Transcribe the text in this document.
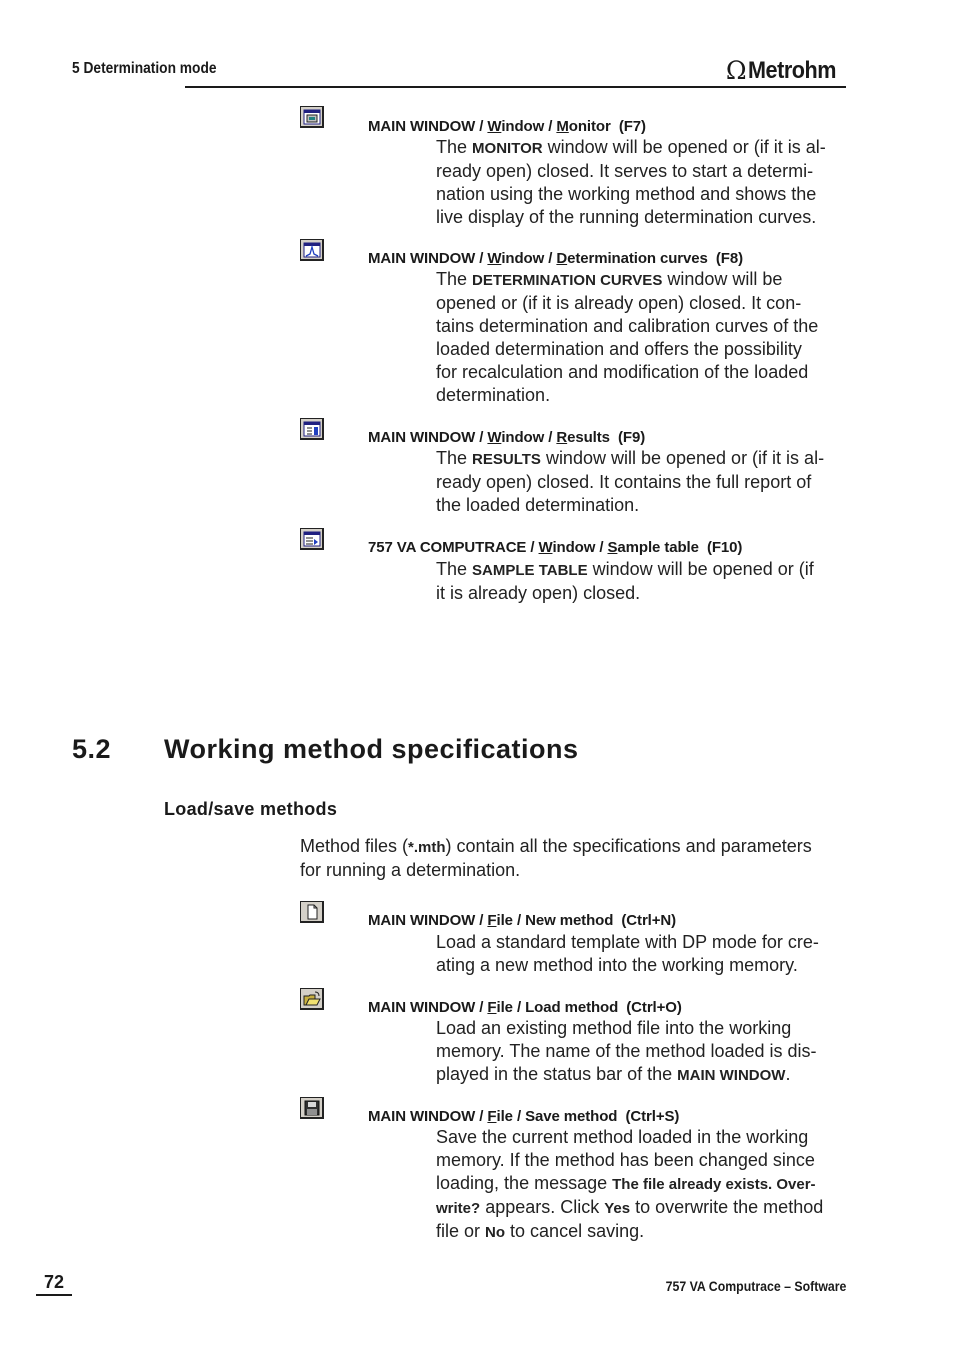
5 Determination mode	Ω Metrohm
MAIN WINDOW / Window / Monitor  (F7)
The MONITOR window will be opened or (if it is al-
ready open) closed. It serves to start a determi-
nation using the working method and shows the
live display of the running determination curves.
MAIN WINDOW / Window / Determination curves  (F8)
The DETERMINATION CURVES window will be
opened or (if it is already open) closed. It con-
tains determination and calibration curves of the
loaded determination and offers the possibility
for recalculation and modification of the loaded
determination.
MAIN WINDOW / Window / Results  (F9)
The RESULTS window will be opened or (if it is al-
ready open) closed. It contains the full report of
the loaded determination.
757 VA COMPUTRACE / Window / Sample table  (F10)
The SAMPLE TABLE window will be opened or (if
it is already open) closed.
5.2 Working method specifications
Load/save methods
Method files (*.mth) contain all the specifications and parameters
for running a determination.
MAIN WINDOW / File / New method  (Ctrl+N)
Load a standard template with DP mode for cre-
ating a new method into the working memory.
MAIN WINDOW / File / Load method  (Ctrl+O)
Load an existing method file into the working
memory. The name of the method loaded is dis-
played in the status bar of the MAIN WINDOW.
MAIN WINDOW / File / Save method  (Ctrl+S)
Save the current method loaded in the working
memory. If the method has been changed since
loading, the message The file already exists. Over-
write? appears. Click Yes to overwrite the method
file or No to cancel saving.
72	757 VA Computrace – Software
